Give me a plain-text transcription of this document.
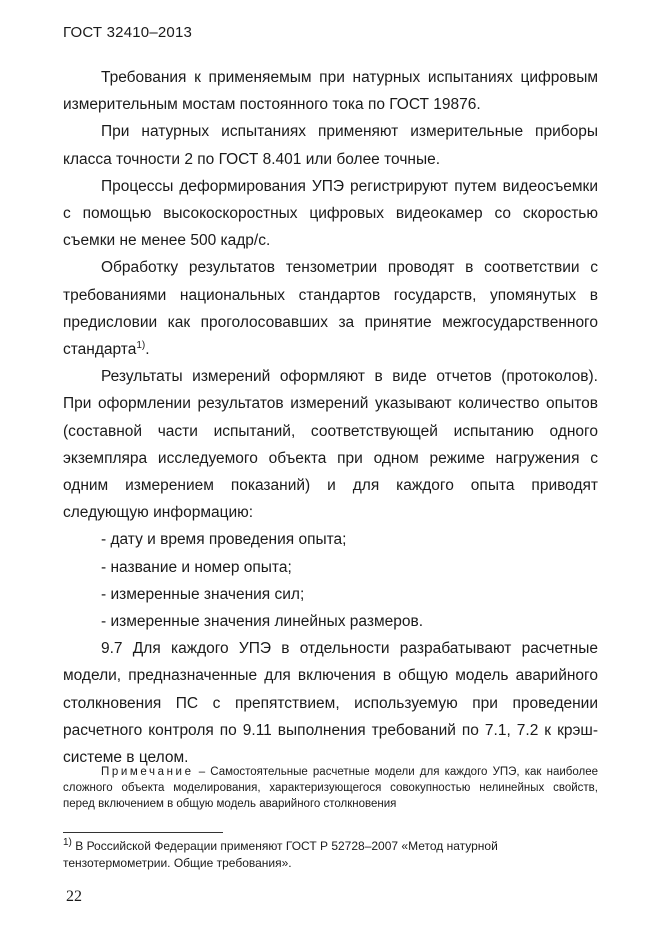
ГОСТ 32410–2013

Требования к применяемым при натурных испытаниях цифровым измерительным мостам постоянного тока по ГОСТ 19876.

При натурных испытаниях применяют измерительные приборы класса точности 2 по ГОСТ 8.401 или более точные.

Процессы деформирования УПЭ регистрируют путем видеосъемки с помощью высокоскоростных цифровых видеокамер со скоростью съемки не менее 500 кадр/с.

Обработку результатов тензометрии проводят в соответствии с требованиями национальных стандартов государств, упомянутых в предисловии как проголосовавших за принятие межгосударственного стандарта$^{1)}$.

Результаты измерений оформляют в виде отчетов (протоколов). При оформлении результатов измерений указывают количество опытов (составной части испытаний, соответствующей испытанию одного экземпляра исследуемого объекта при одном режиме нагружения с одним измерением показаний) и для каждого опыта приводят следующую информацию:

- дату и время проведения опыта;

- название и номер опыта;

- измеренные значения сил;

- измеренные значения линейных размеров.

9.7 Для каждого УПЭ в отдельности разрабатывают расчетные модели, предназначенные для включения в общую модель аварийного столкновения ПС с препятствием, используемую при проведении расчетного контроля по 9.11 выполнения требований по 7.1, 7.2 к крэш-системе в целом.

Примечание – Самостоятельные расчетные модели для каждого УПЭ, как наиболее сложного объекта моделирования, характеризующегося совокупностью нелинейных свойств, перед включением в общую модель аварийного столкновения

$^{1)}$ В Российской Федерации применяют ГОСТ Р 52728–2007 «Метод натурной тензотермометрии. Общие требования».

22
